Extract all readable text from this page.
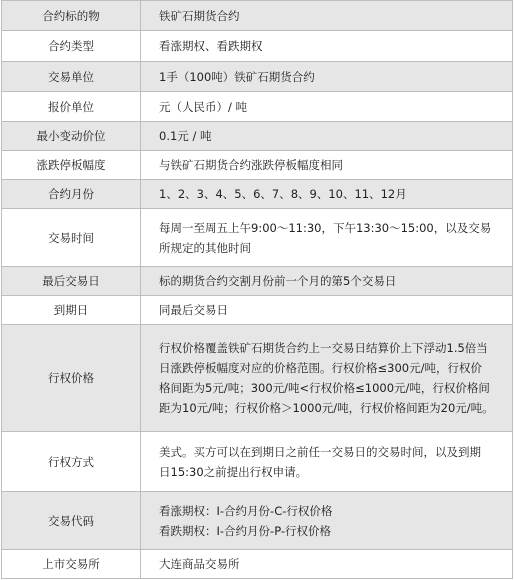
合约标的物	铁矿石期货合约

合约类型	看涨期权、看跌期权

交易单位	1手（100吨）铁矿石期货合约

报价单位	元（人民币）/ 吨

最小变动价位	0.1元 / 吨

涨跌停板幅度	与铁矿石期货合约涨跌停板幅度相同

合约月份	1、2、3、4、5、6、7、8、9、10、11、12月

交易时间	每周一至周五上午9:00～11:30，下午13:30～15:00，以及交易
所规定的其他时间

最后交易日	标的期货合约交割月份前一个月的第5个交易日

到期日	同最后交易日

行权价格	行权价格覆盖铁矿石期货合约上一交易日结算价上下浮动1.5倍当
日涨跌停板幅度对应的价格范围。行权价格≤300元/吨，行权价
格间距为5元/吨；300元/吨<行权价格≤1000元/吨，行权价格间
距为10元/吨；行权价格＞1000元/吨，行权价格间距为20元/吨。

行权方式	美式。买方可以在到期日之前任一交易日的交易时间，以及到期
日15:30之前提出行权申请。

交易代码	看涨期权：I-合约月份-C-行权价格
看跌期权：I-合约月份-P-行权价格

上市交易所	大连商品交易所
